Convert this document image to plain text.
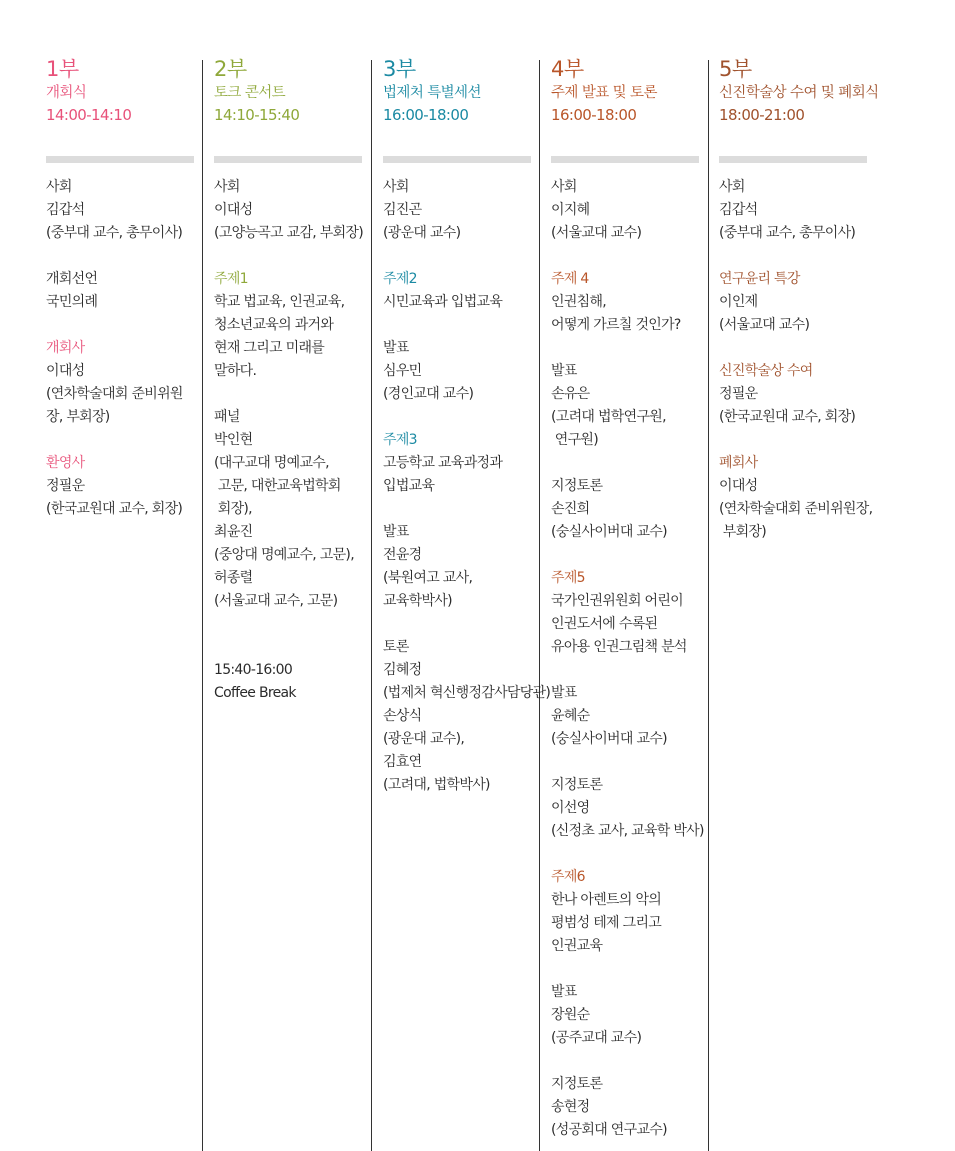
1부
개회식
14:00-14:10
사회
김갑석
(중부대 교수, 총무이사)
개회선언
국민의례
개회사
이대성
(연차학술대회 준비위원
장, 부회장)
환영사
정필운
(한국교원대 교수, 회장)
2부
토크 콘서트
14:10-15:40
사회
이대성
(고양능곡고 교감, 부회장)
주제1
학교 법교육, 인권교육,
청소년교육의 과거와
현재 그리고 미래를
말하다.
패널
박인현
(대구교대 명예교수,
고문, 대한교육법학회
회장),
최윤진
(중앙대 명예교수, 고문),
허종렬
(서울교대 교수, 고문)

15:40-16:00
Coffee Break
3부
법제처 특별세션
16:00-18:00
사회
김진곤
(광운대 교수)
주제2
시민교육과 입법교육
발표
심우민
(경인교대 교수)
주제3
고등학교 교육과정과
입법교육
발표
전윤경
(북원여고 교사,
교육학박사)
토론
김혜정
(법제처 혁신행정감사담당관)
손상식
(광운대 교수),
김효연
(고려대, 법학박사)
4부
주제 발표 및 토론
16:00-18:00
사회
이지혜
(서울교대 교수)
주제 4
인권침해,
어떻게 가르칠 것인가?
발표
손유은
(고려대 법학연구원,
연구원)
지정토론
손진희
(숭실사이버대 교수)
주제5
국가인권위원회 어린이
인권도서에 수록된
유아용 인권그림책 분석
발표
윤혜순
(숭실사이버대 교수)
지정토론
이선영
(신정초 교사, 교육학 박사)
주제6
한나 아렌트의 악의
평범성 테제 그리고
인권교육
발표
장원순
(공주교대 교수)
지정토론
송현정
(성공회대 연구교수)
5부
신진학술상 수여 및 폐회식
18:00-21:00
사회
김갑석
(중부대 교수, 총무이사)
연구윤리 특강
이인제
(서울교대 교수)
신진학술상 수여
정필운
(한국교원대 교수, 회장)
폐회사
이대성
(연차학술대회 준비위원장,
부회장)
